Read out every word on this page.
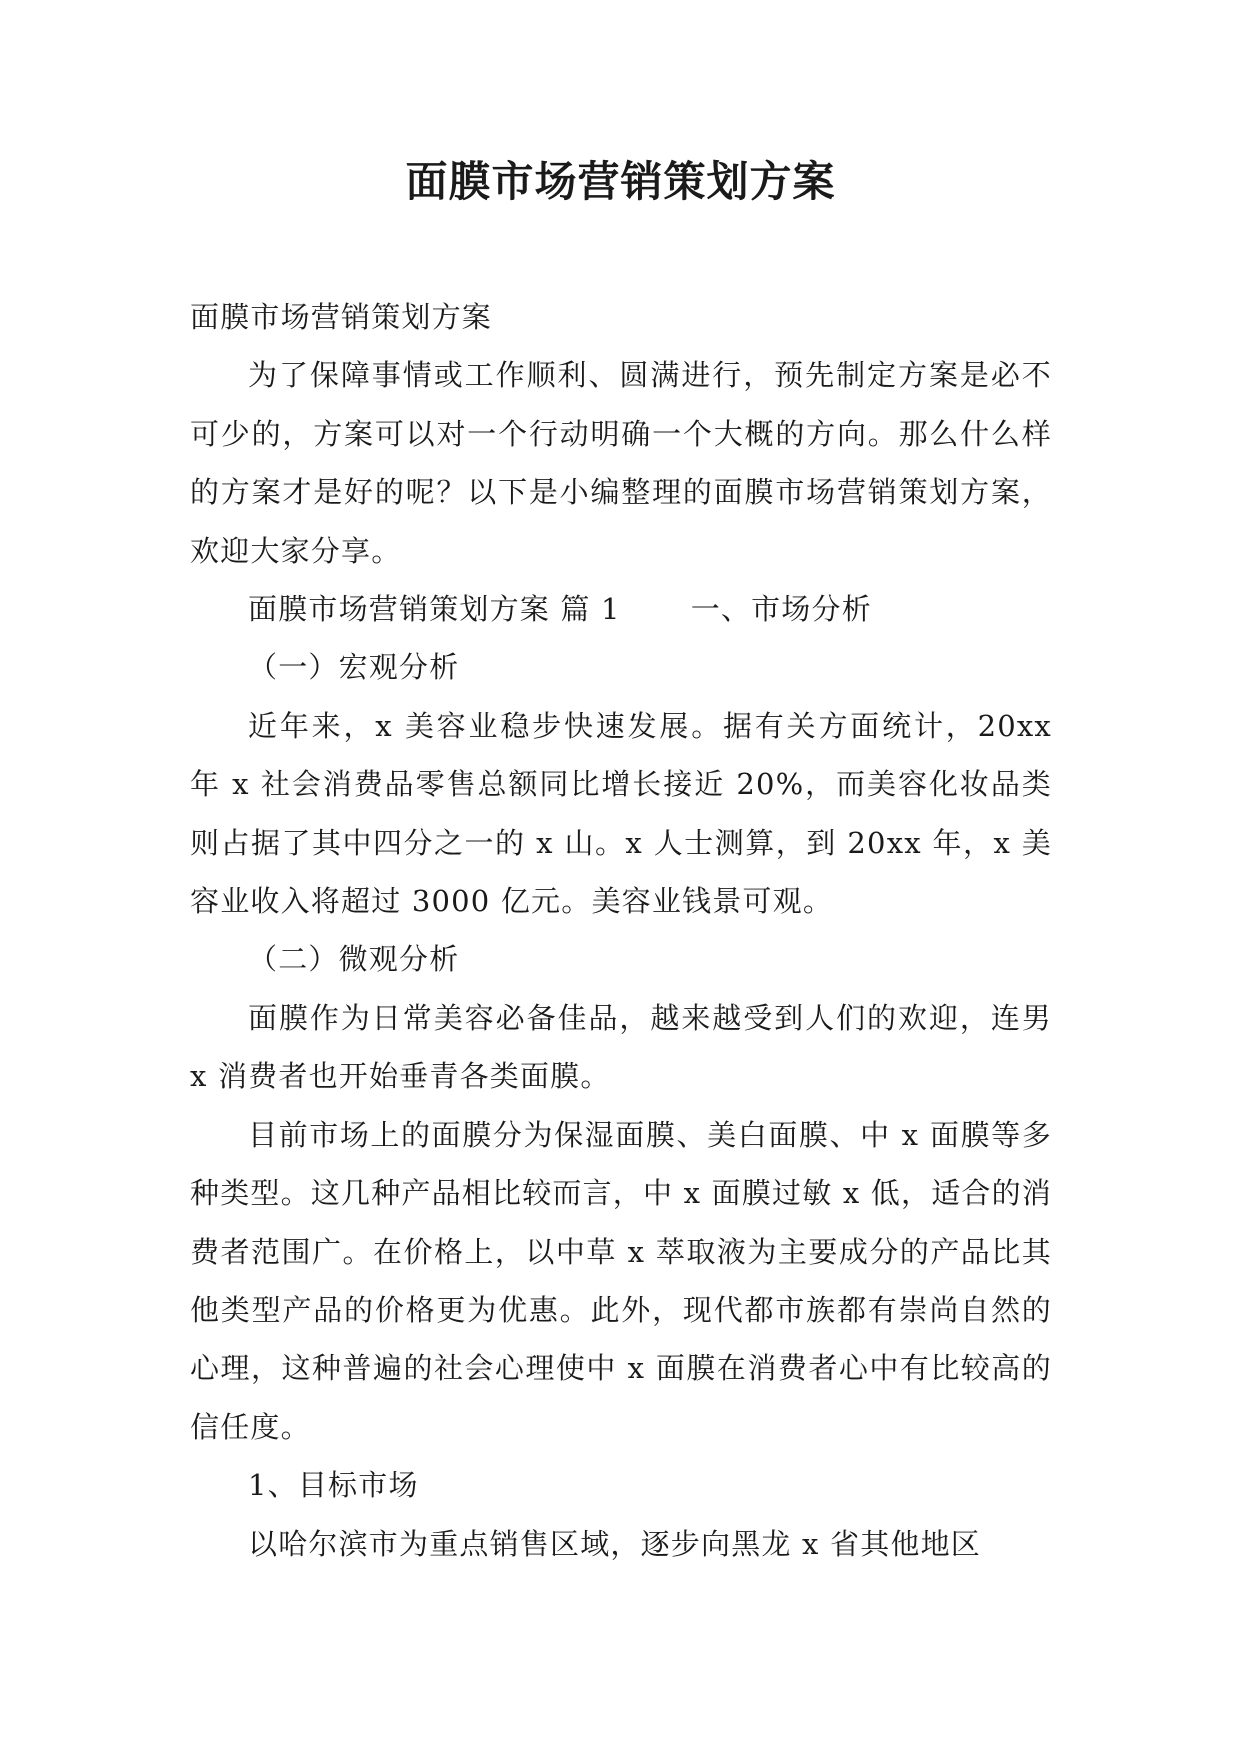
面膜市场营销策划方案

面膜市场营销策划方案

为了保障事情或工作顺利、圆满进行，预先制定方案是必不可少的，方案可以对一个行动明确一个大概的方向。那么什么样的方案才是好的呢？以下是小编整理的面膜市场营销策划方案，欢迎大家分享。

面膜市场营销策划方案 篇 1 一、市场分析

（一）宏观分析

近年来，x 美容业稳步快速发展。据有关方面统计，20xx 年 x 社会消费品零售总额同比增长接近 20%，而美容化妆品类则占据了其中四分之一的 x 山。x 人士测算，到 20xx 年，x 美容业收入将超过 3000 亿元。美容业钱景可观。

（二）微观分析

面膜作为日常美容必备佳品，越来越受到人们的欢迎，连男 x 消费者也开始垂青各类面膜。

目前市场上的面膜分为保湿面膜、美白面膜、中 x 面膜等多种类型。这几种产品相比较而言，中 x 面膜过敏 x 低，适合的消费者范围广。在价格上，以中草 x 萃取液为主要成分的产品比其他类型产品的价格更为优惠。此外，现代都市族都有崇尚自然的心理，这种普遍的社会心理使中 x 面膜在消费者心中有比较高的信任度。

1、目标市场

以哈尔滨市为重点销售区域，逐步向黑龙 x 省其他地区
